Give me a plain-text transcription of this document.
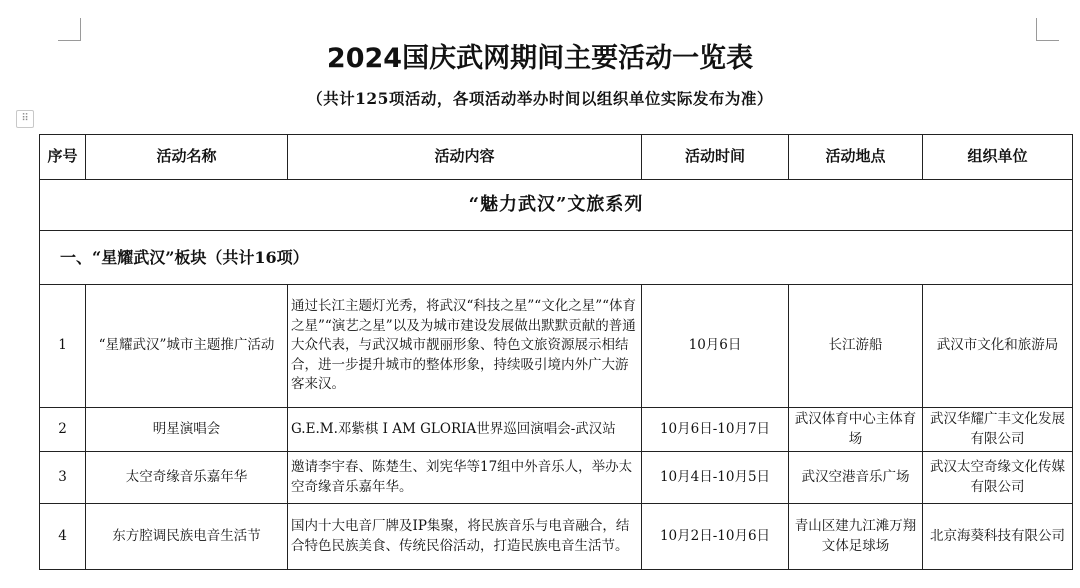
⠿
2024国庆武网期间主要活动一览表
（共计125项活动，各项活动举办时间以组织单位实际发布为准）
序号	活动名称	活动内容	活动时间	活动地点	组织单位
“魅力武汉”文旅系列					
一、“星耀武汉”板块（共计16项）					
1	“星耀武汉”城市主题推广活动	通过长江主题灯光秀，将武汉“科技之星”“文化之星”“体育之星”“演艺之星”以及为城市建设发展做出默默贡献的普通大众代表，与武汉城市靓丽形象、特色文旅资源展示相结合，进一步提升城市的整体形象，持续吸引境内外广大游客来汉。	10月6日	长江游船	武汉市文化和旅游局
2	明星演唱会	G.E.M.邓紫棋 I AM GLORIA世界巡回演唱会-武汉站	10月6日-10月7日	武汉体育中心主体育场	武汉华耀广丰文化发展有限公司
3	太空奇缘音乐嘉年华	邀请李宇春、陈楚生、刘宪华等17组中外音乐人，举办太空奇缘音乐嘉年华。	10月4日-10月5日	武汉空港音乐广场	武汉太空奇缘文化传媒有限公司
4	东方腔调民族电音生活节	国内十大电音厂牌及IP集聚，将民族音乐与电音融合，结合特色民族美食、传统民俗活动，打造民族电音生活节。	10月2日-10月6日	青山区建九江滩万翔文体足球场	北京海葵科技有限公司
